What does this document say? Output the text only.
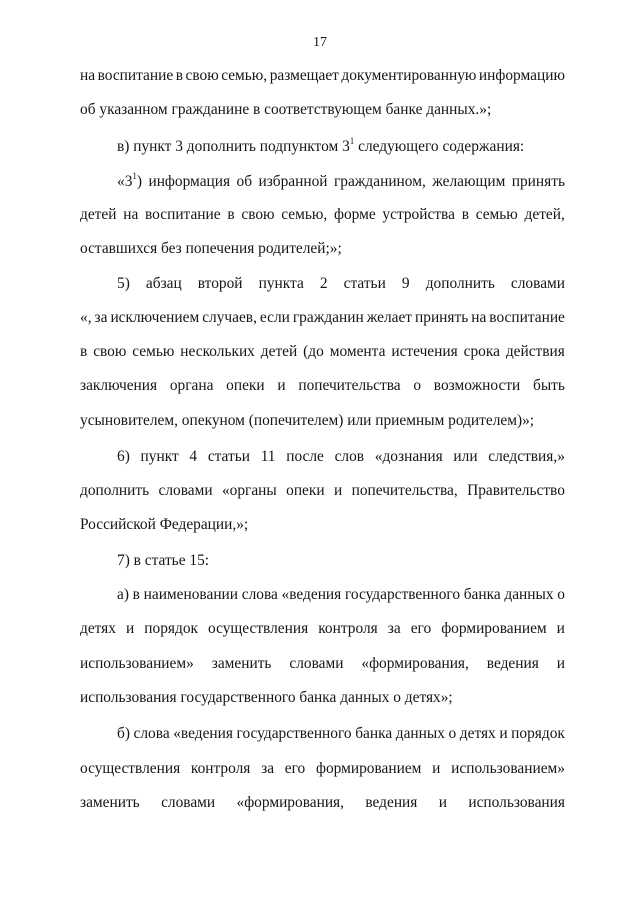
17
на воспитание в свою семью, размещает документированную информацию
об указанном гражданине в соответствующем банке данных.»;
в) пункт 3 дополнить подпунктом $3^1$ следующего содержания:
«$3^1$) информация об избранной гражданином, желающим принять
детей на воспитание в свою семью, форме устройства в семью детей,
оставшихся без попечения родителей;»;
5) абзац второй пункта 2 статьи 9 дополнить словами
«, за исключением случаев, если гражданин желает принять на воспитание
в свою семью нескольких детей (до момента истечения срока действия
заключения органа опеки и попечительства о возможности быть
усыновителем, опекуном (попечителем) или приемным родителем)»;
6) пункт 4 статьи 11 после слов «дознания или следствия,»
дополнить словами «органы опеки и попечительства, Правительство
Российской Федерации,»;
7) в статье 15:
а) в наименовании слова «ведения государственного банка данных о
детях и порядок осуществления контроля за его формированием и
использованием» заменить словами «формирования, ведения и
использования государственного банка данных о детях»;
б) слова «ведения государственного банка данных о детях и порядок
осуществления контроля за его формированием и использованием»
заменить словами «формирования, ведения и использования
